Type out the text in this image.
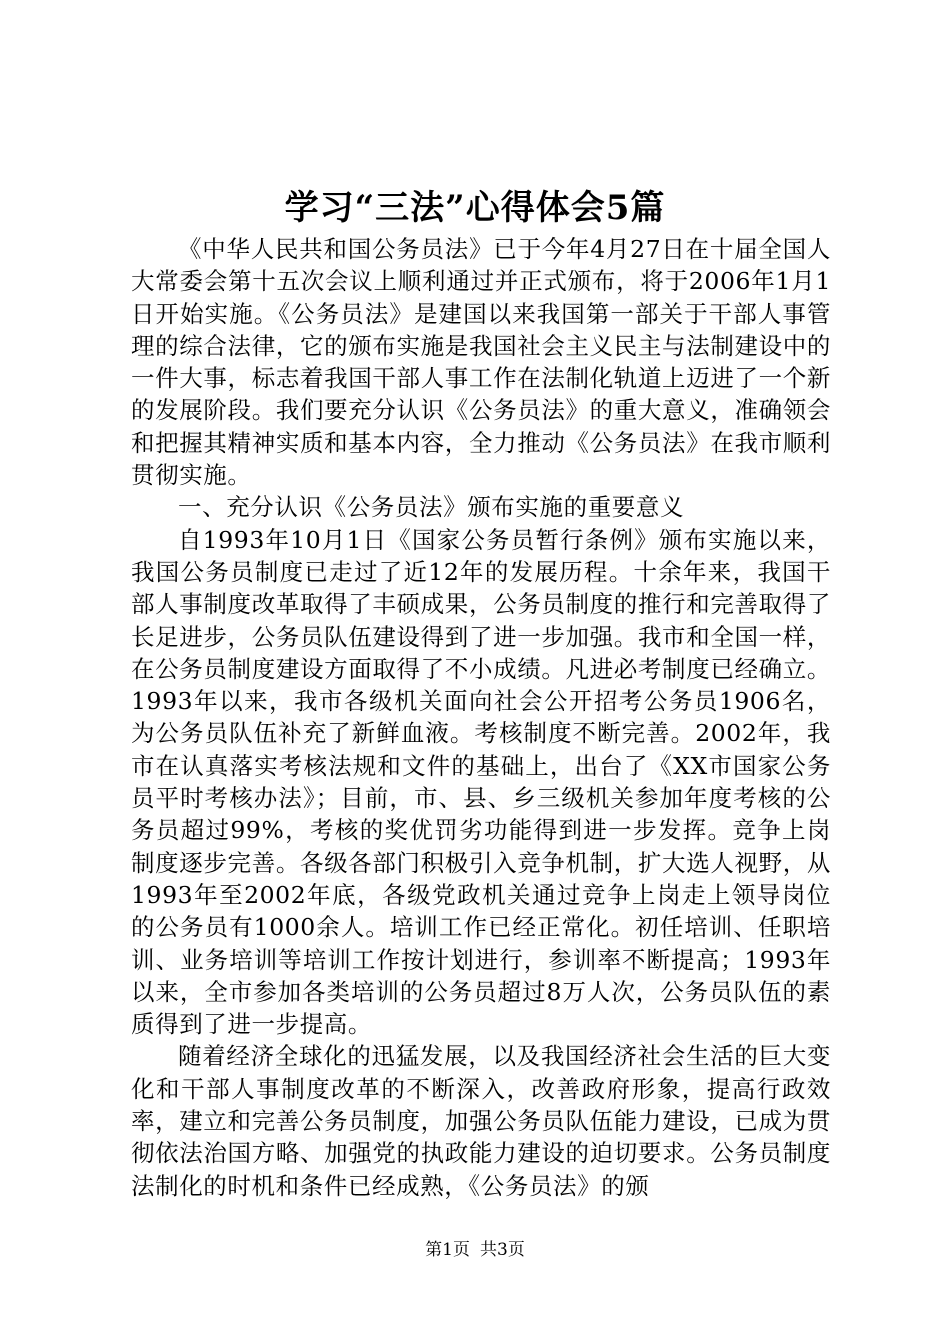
学习“三法”心得体会5篇

《中华人民共和国公务员法》已于今年4月27日在十届全国人大常委会第十五次会议上顺利通过并正式颁布，将于2006年1月1日开始实施。《公务员法》是建国以来我国第一部关于干部人事管理的综合法律，它的颁布实施是我国社会主义民主与法制建设中的一件大事，标志着我国干部人事工作在法制化轨道上迈进了一个新的发展阶段。我们要充分认识《公务员法》的重大意义，准确领会和把握其精神实质和基本内容，全力推动《公务员法》在我市顺利贯彻实施。

一、充分认识《公务员法》颁布实施的重要意义

自1993年10月1日《国家公务员暂行条例》颁布实施以来，我国公务员制度已走过了近12年的发展历程。十余年来，我国干部人事制度改革取得了丰硕成果，公务员制度的推行和完善取得了长足进步，公务员队伍建设得到了进一步加强。我市和全国一样，在公务员制度建设方面取得了不小成绩。凡进必考制度已经确立。1993年以来，我市各级机关面向社会公开招考公务员1906名，为公务员队伍补充了新鲜血液。考核制度不断完善。2002年，我市在认真落实考核法规和文件的基础上，出台了《XX市国家公务员平时考核办法》；目前，市、县、乡三级机关参加年度考核的公务员超过99%，考核的奖优罚劣功能得到进一步发挥。竞争上岗制度逐步完善。各级各部门积极引入竞争机制，扩大选人视野，从1993年至2002年底，各级党政机关通过竞争上岗走上领导岗位的公务员有1000余人。培训工作已经正常化。初任培训、任职培训、业务培训等培训工作按计划进行，参训率不断提高；1993年以来，全市参加各类培训的公务员超过8万人次，公务员队伍的素质得到了进一步提高。

随着经济全球化的迅猛发展，以及我国经济社会生活的巨大变化和干部人事制度改革的不断深入，改善政府形象，提高行政效率，建立和完善公务员制度，加强公务员队伍能力建设，已成为贯彻依法治国方略、加强党的执政能力建设的迫切要求。公务员制度法制化的时机和条件已经成熟，《公务员法》的颁

第1页 共3页
